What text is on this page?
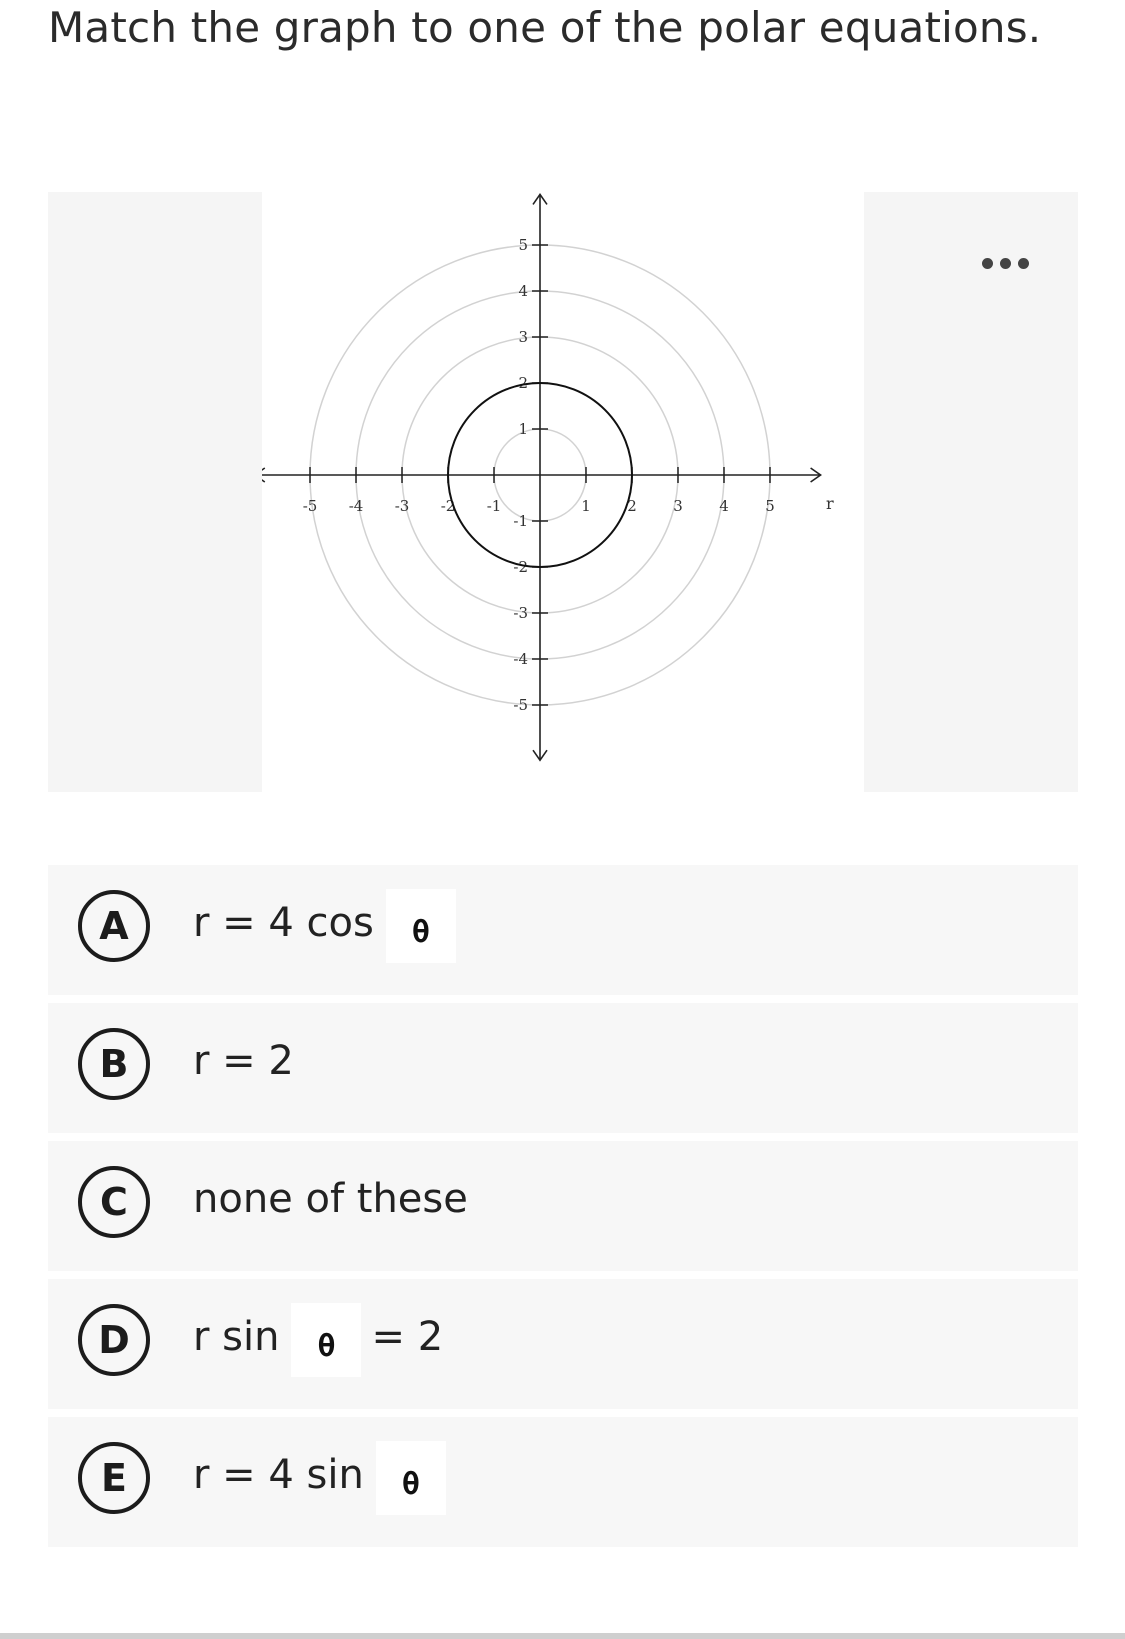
Match the graph to one of the polar equations.
-5 -4 -3 -2 -1	1 2 3 4 5
5
4
3
2
1
-1
-2
-3
-4
-5
r
A	r = 4 cos	θ
B	r = 2
C	none of these
D	r sin	θ = 2
E	r = 4 sin	θ
